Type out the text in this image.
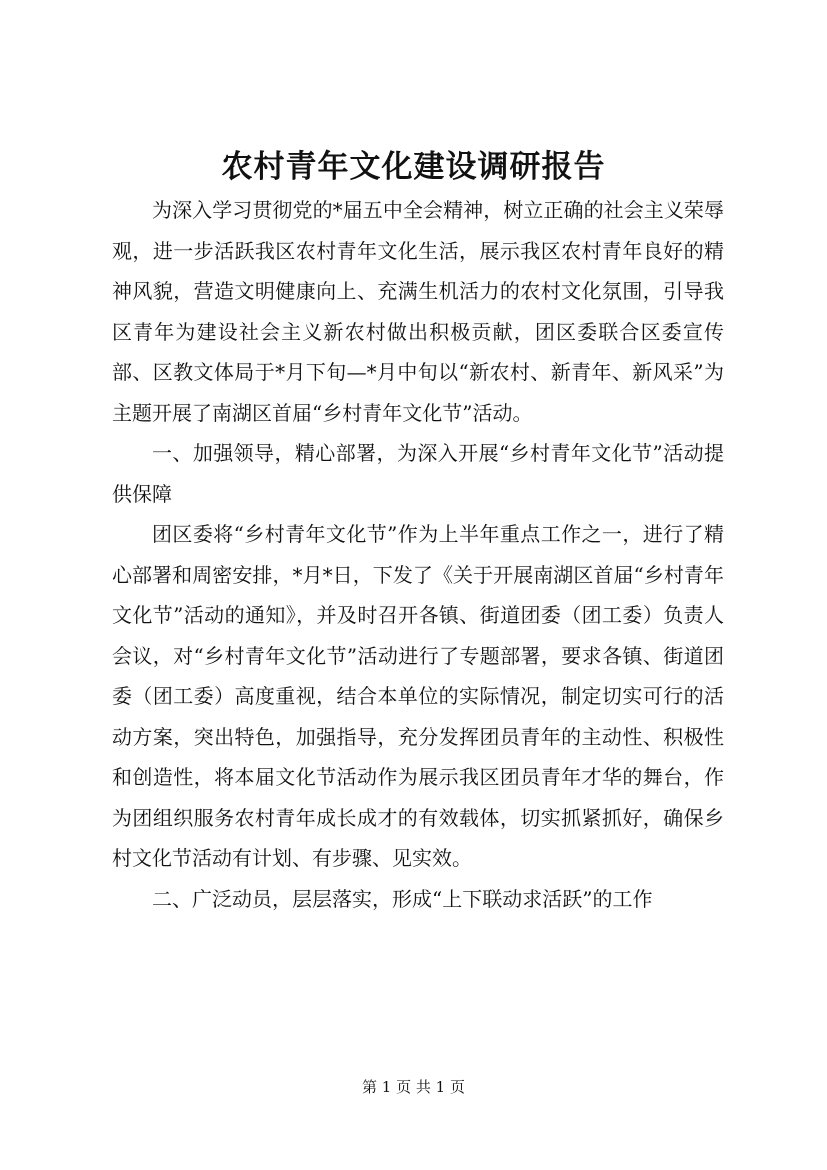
农村青年文化建设调研报告

为深入学习贯彻党的*届五中全会精神，树立正确的社会主义荣辱观，进一步活跃我区农村青年文化生活，展示我区农村青年良好的精神风貌，营造文明健康向上、充满生机活力的农村文化氛围，引导我区青年为建设社会主义新农村做出积极贡献，团区委联合区委宣传部、区教文体局于*月下旬—*月中旬以“新农村、新青年、新风采”为主题开展了南湖区首届“乡村青年文化节”活动。

一、加强领导，精心部署，为深入开展“乡村青年文化节”活动提供保障

团区委将“乡村青年文化节”作为上半年重点工作之一，进行了精心部署和周密安排，*月*日，下发了《关于开展南湖区首届“乡村青年文化节”活动的通知》，并及时召开各镇、街道团委（团工委）负责人会议，对“乡村青年文化节”活动进行了专题部署，要求各镇、街道团委（团工委）高度重视，结合本单位的实际情况，制定切实可行的活动方案，突出特色，加强指导，充分发挥团员青年的主动性、积极性和创造性，将本届文化节活动作为展示我区团员青年才华的舞台，作为团组织服务农村青年成长成才的有效载体，切实抓紧抓好，确保乡村文化节活动有计划、有步骤、见实效。

二、广泛动员，层层落实，形成“上下联动求活跃”的工作

第 1 页 共 1 页
